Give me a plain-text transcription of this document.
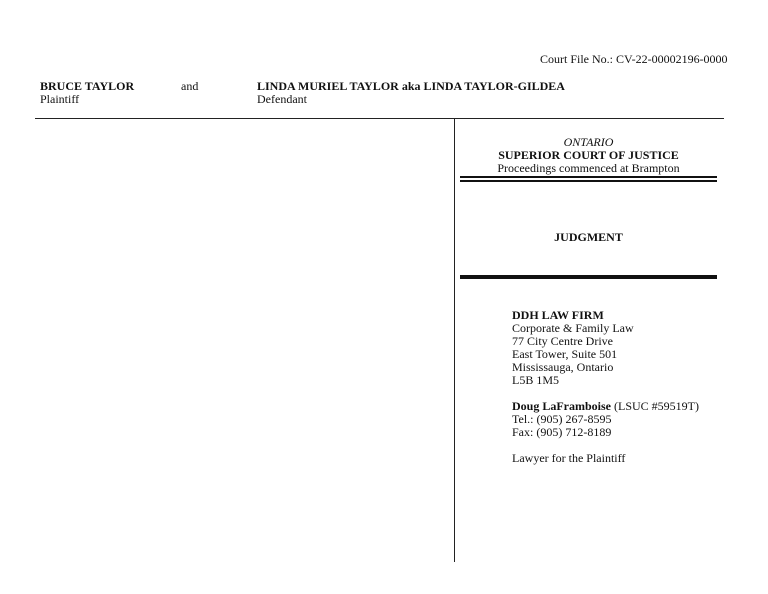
Court File No.: CV-22-00002196-0000
BRUCE TAYLOR
Plaintiff
and	LINDA MURIEL TAYLOR aka LINDA TAYLOR-GILDEA
Defendant
ONTARIO
SUPERIOR COURT OF JUSTICE
Proceedings commenced at Brampton
JUDGMENT
DDH LAW FIRM
Corporate & Family Law
77 City Centre Drive
East Tower, Suite 501
Mississauga, Ontario
L5B 1M5
Doug LaFramboise (LSUC #59519T)
Tel.: (905) 267-8595
Fax: (905) 712-8189
Lawyer for the Plaintiff
